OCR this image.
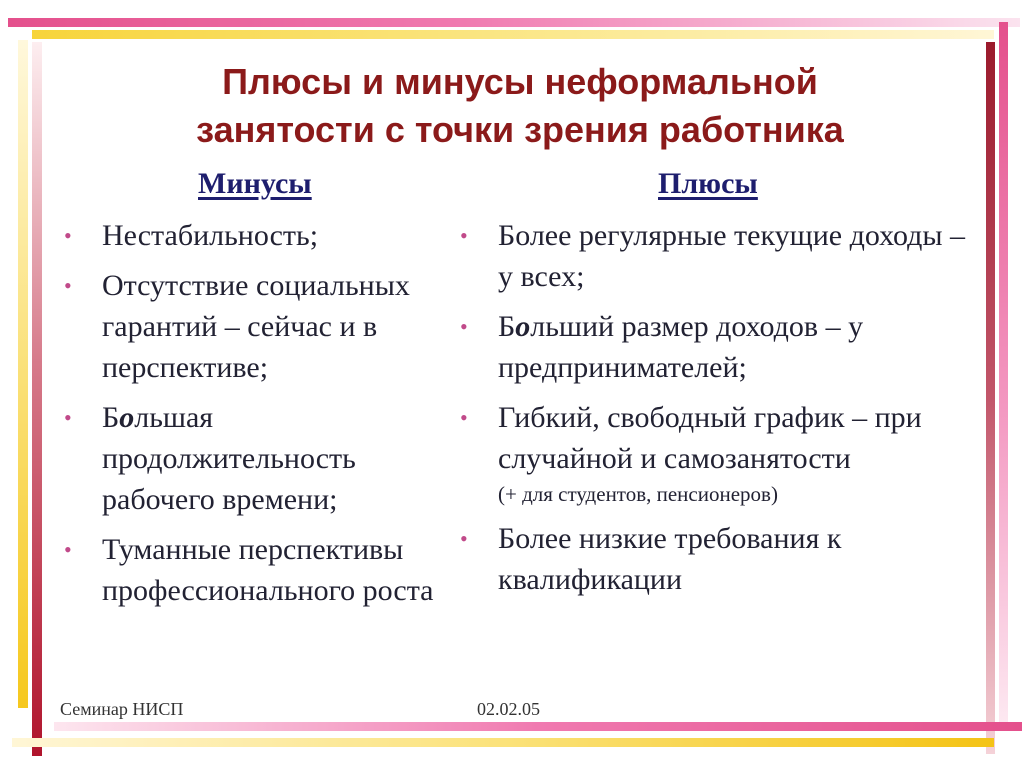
Плюсы и минусы неформальной
занятости с точки зрения работника
Минусы	Плюсы
• Нестабильность;
• Отсутствие социальных гарантий – сейчас и в перспективе;
• Большая продолжительность рабочего времени;
• Туманные перспективы профессионального роста
• Более регулярные текущие доходы – у всех;
• Больший размер доходов – у предпринимателей;
• Гибкий, свободный график – при случайной и самозанятости
(+ для студентов, пенсионеров)
• Более низкие требования к квалификации
Семинар НИСП	02.02.05
